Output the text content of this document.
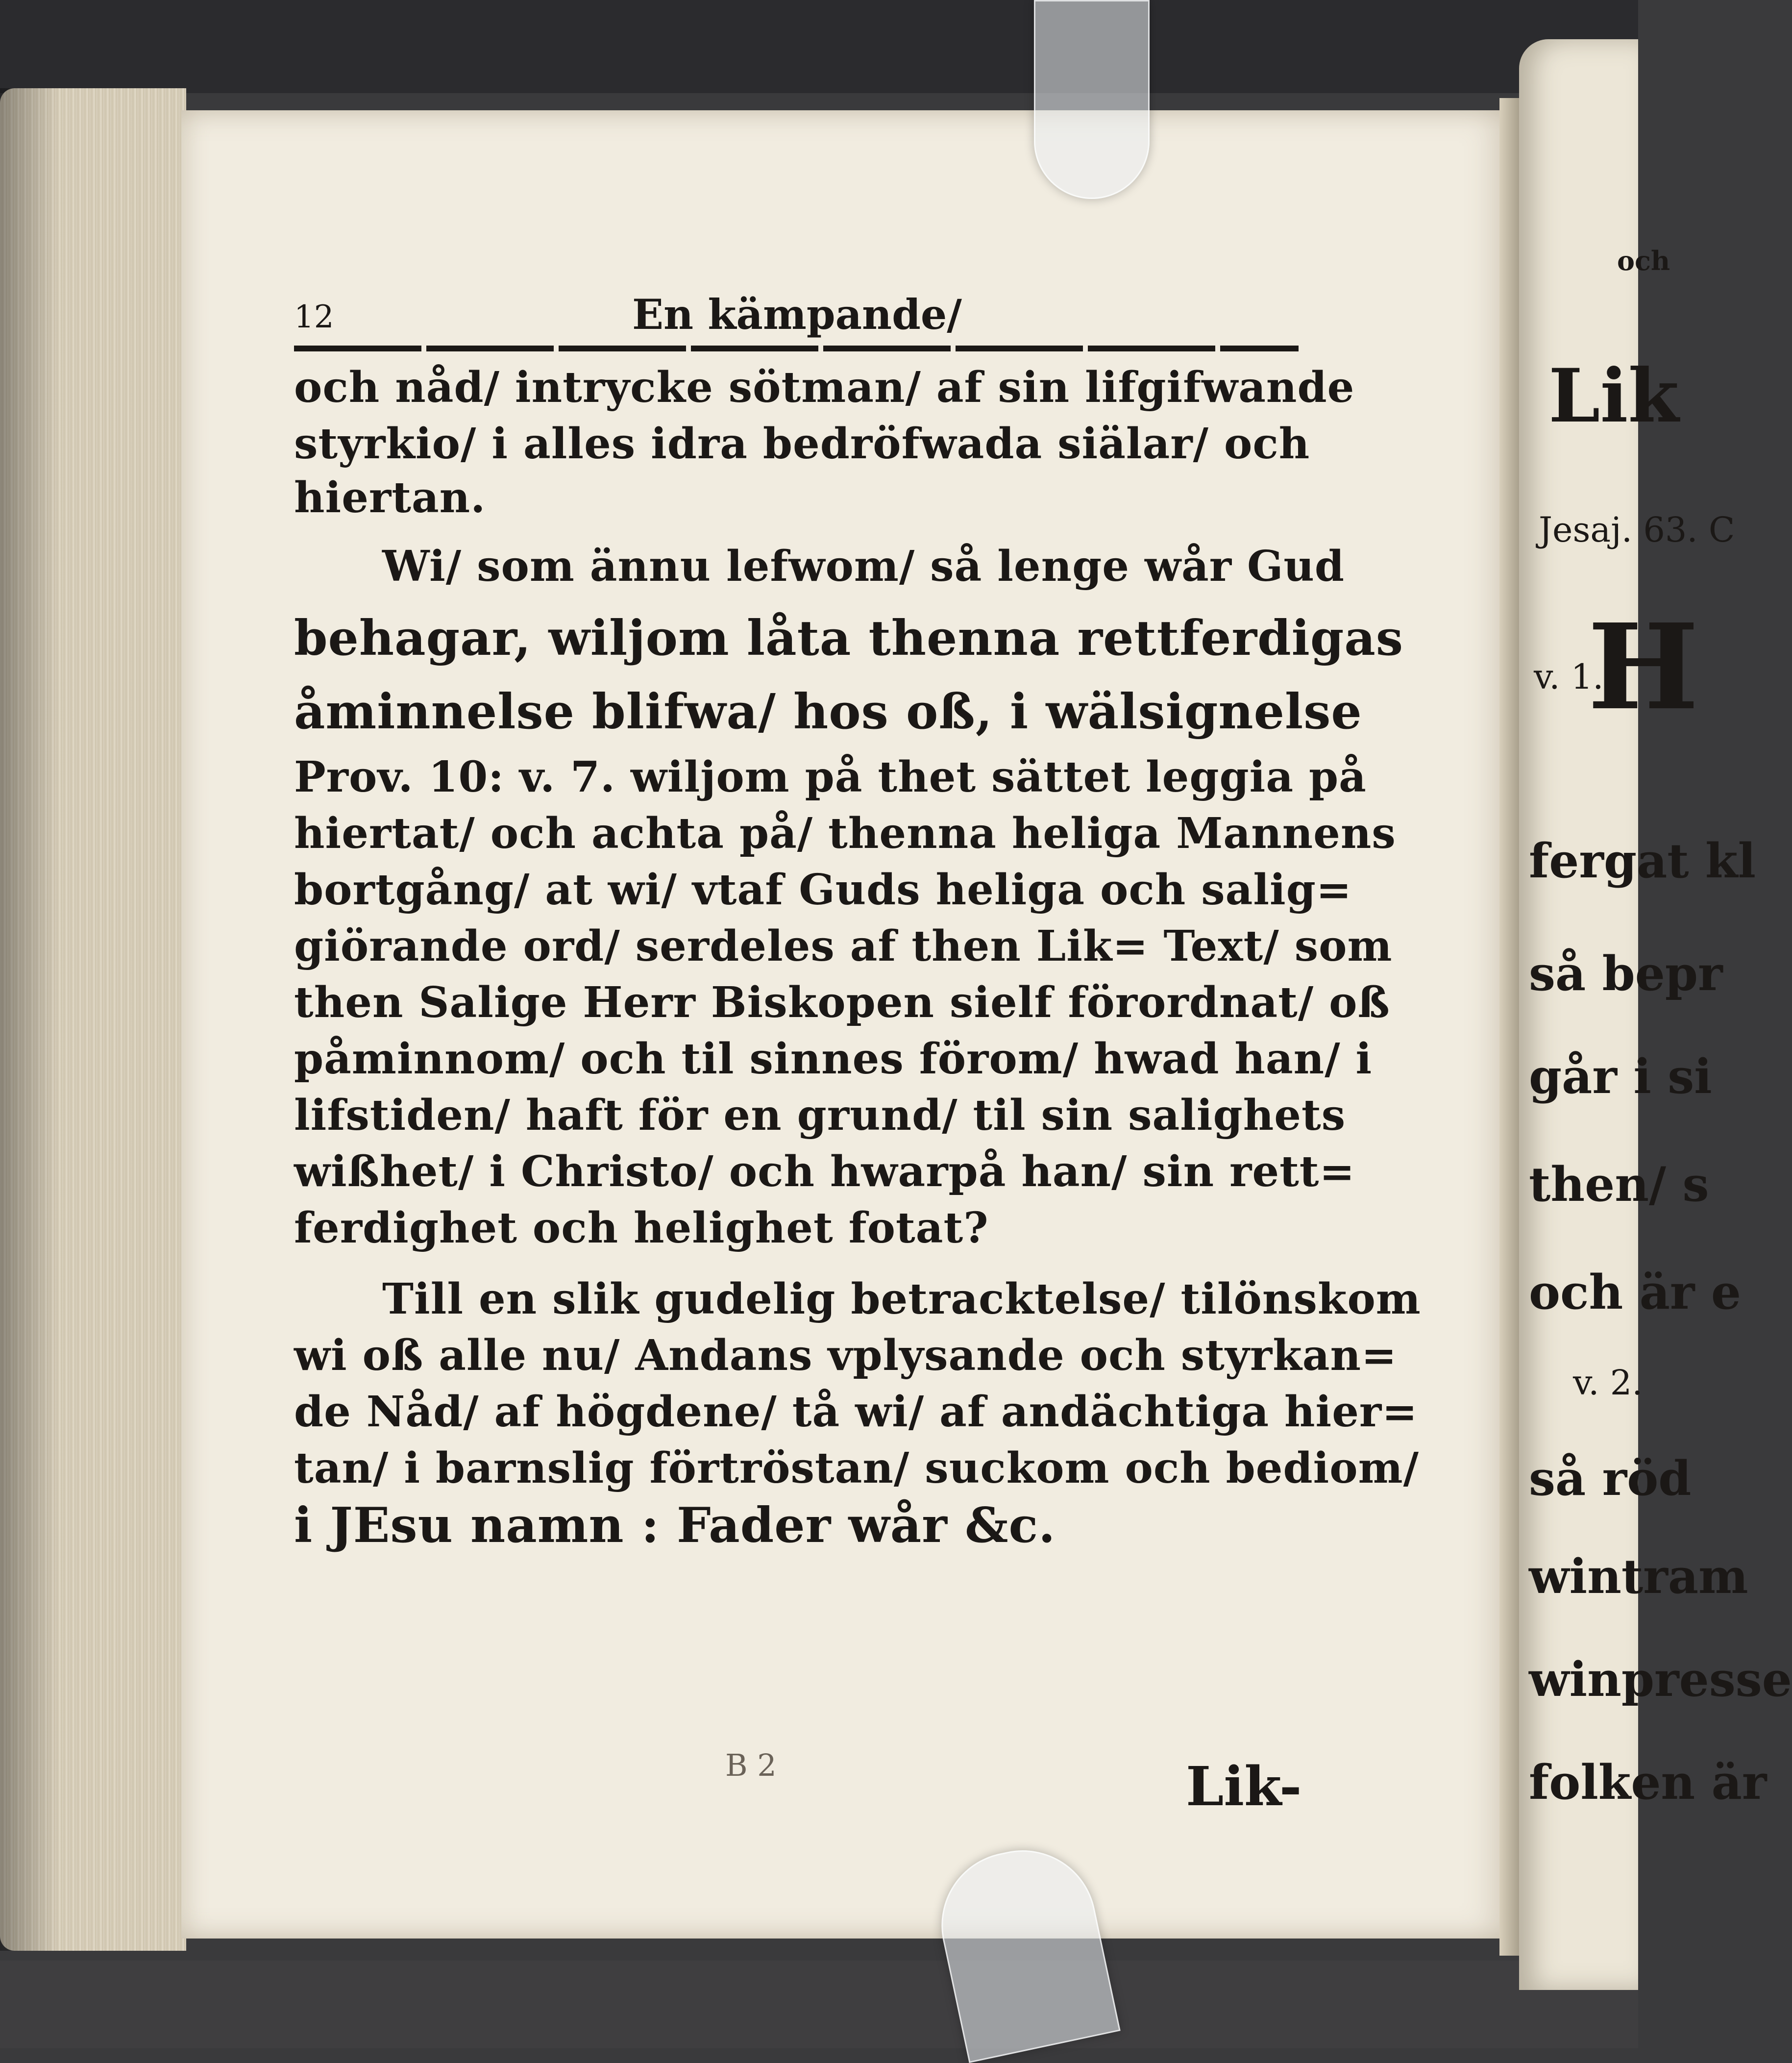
12	En kämpande/
och nåd/ intrycke sötman/ af sin lifgifwande
styrkio/ i alles idra bedröfwada siälar/ och
hiertan.
Wi/ som ännu lefwom/ så lenge wår Gud
behagar, wiljom låta thenna rettferdigas
åminnelse blifwa/ hos oß, i wälsignelse
Prov. 10: v. 7. wiljom på thet sättet leggia på
hiertat/ och achta på/ thenna heliga Mannens
bortgång/ at wi/ vtaf Guds heliga och salig=
giörande ord/ serdeles af then Lik= Text/ som
then Salige Herr Biskopen sielf förordnat/ oß
påminnom/ och til sinnes förom/ hwad han/ i
lifstiden/ haft för en grund/ til sin salighets
wißhet/ i Christo/ och hwarpå han/ sin rett=
ferdighet och helighet fotat?
Till en slik gudelig betracktelse/ tilönskom
wi oß alle nu/ Andans vplysande och styrkan=
de Nåd/ af högdene/ tå wi/ af andächtiga hier=
tan/ i barnslig förtröstan/ suckom och bediom/
i JEsu namn : Fader wår &c.
B 2	Lik-
och
Lik
Jesaj. 63. C
v. 1.
H
fergat kl
så bepr
går i si
then/ s
och är e
v. 2.
så röd
wintram
winpresse
folken är
